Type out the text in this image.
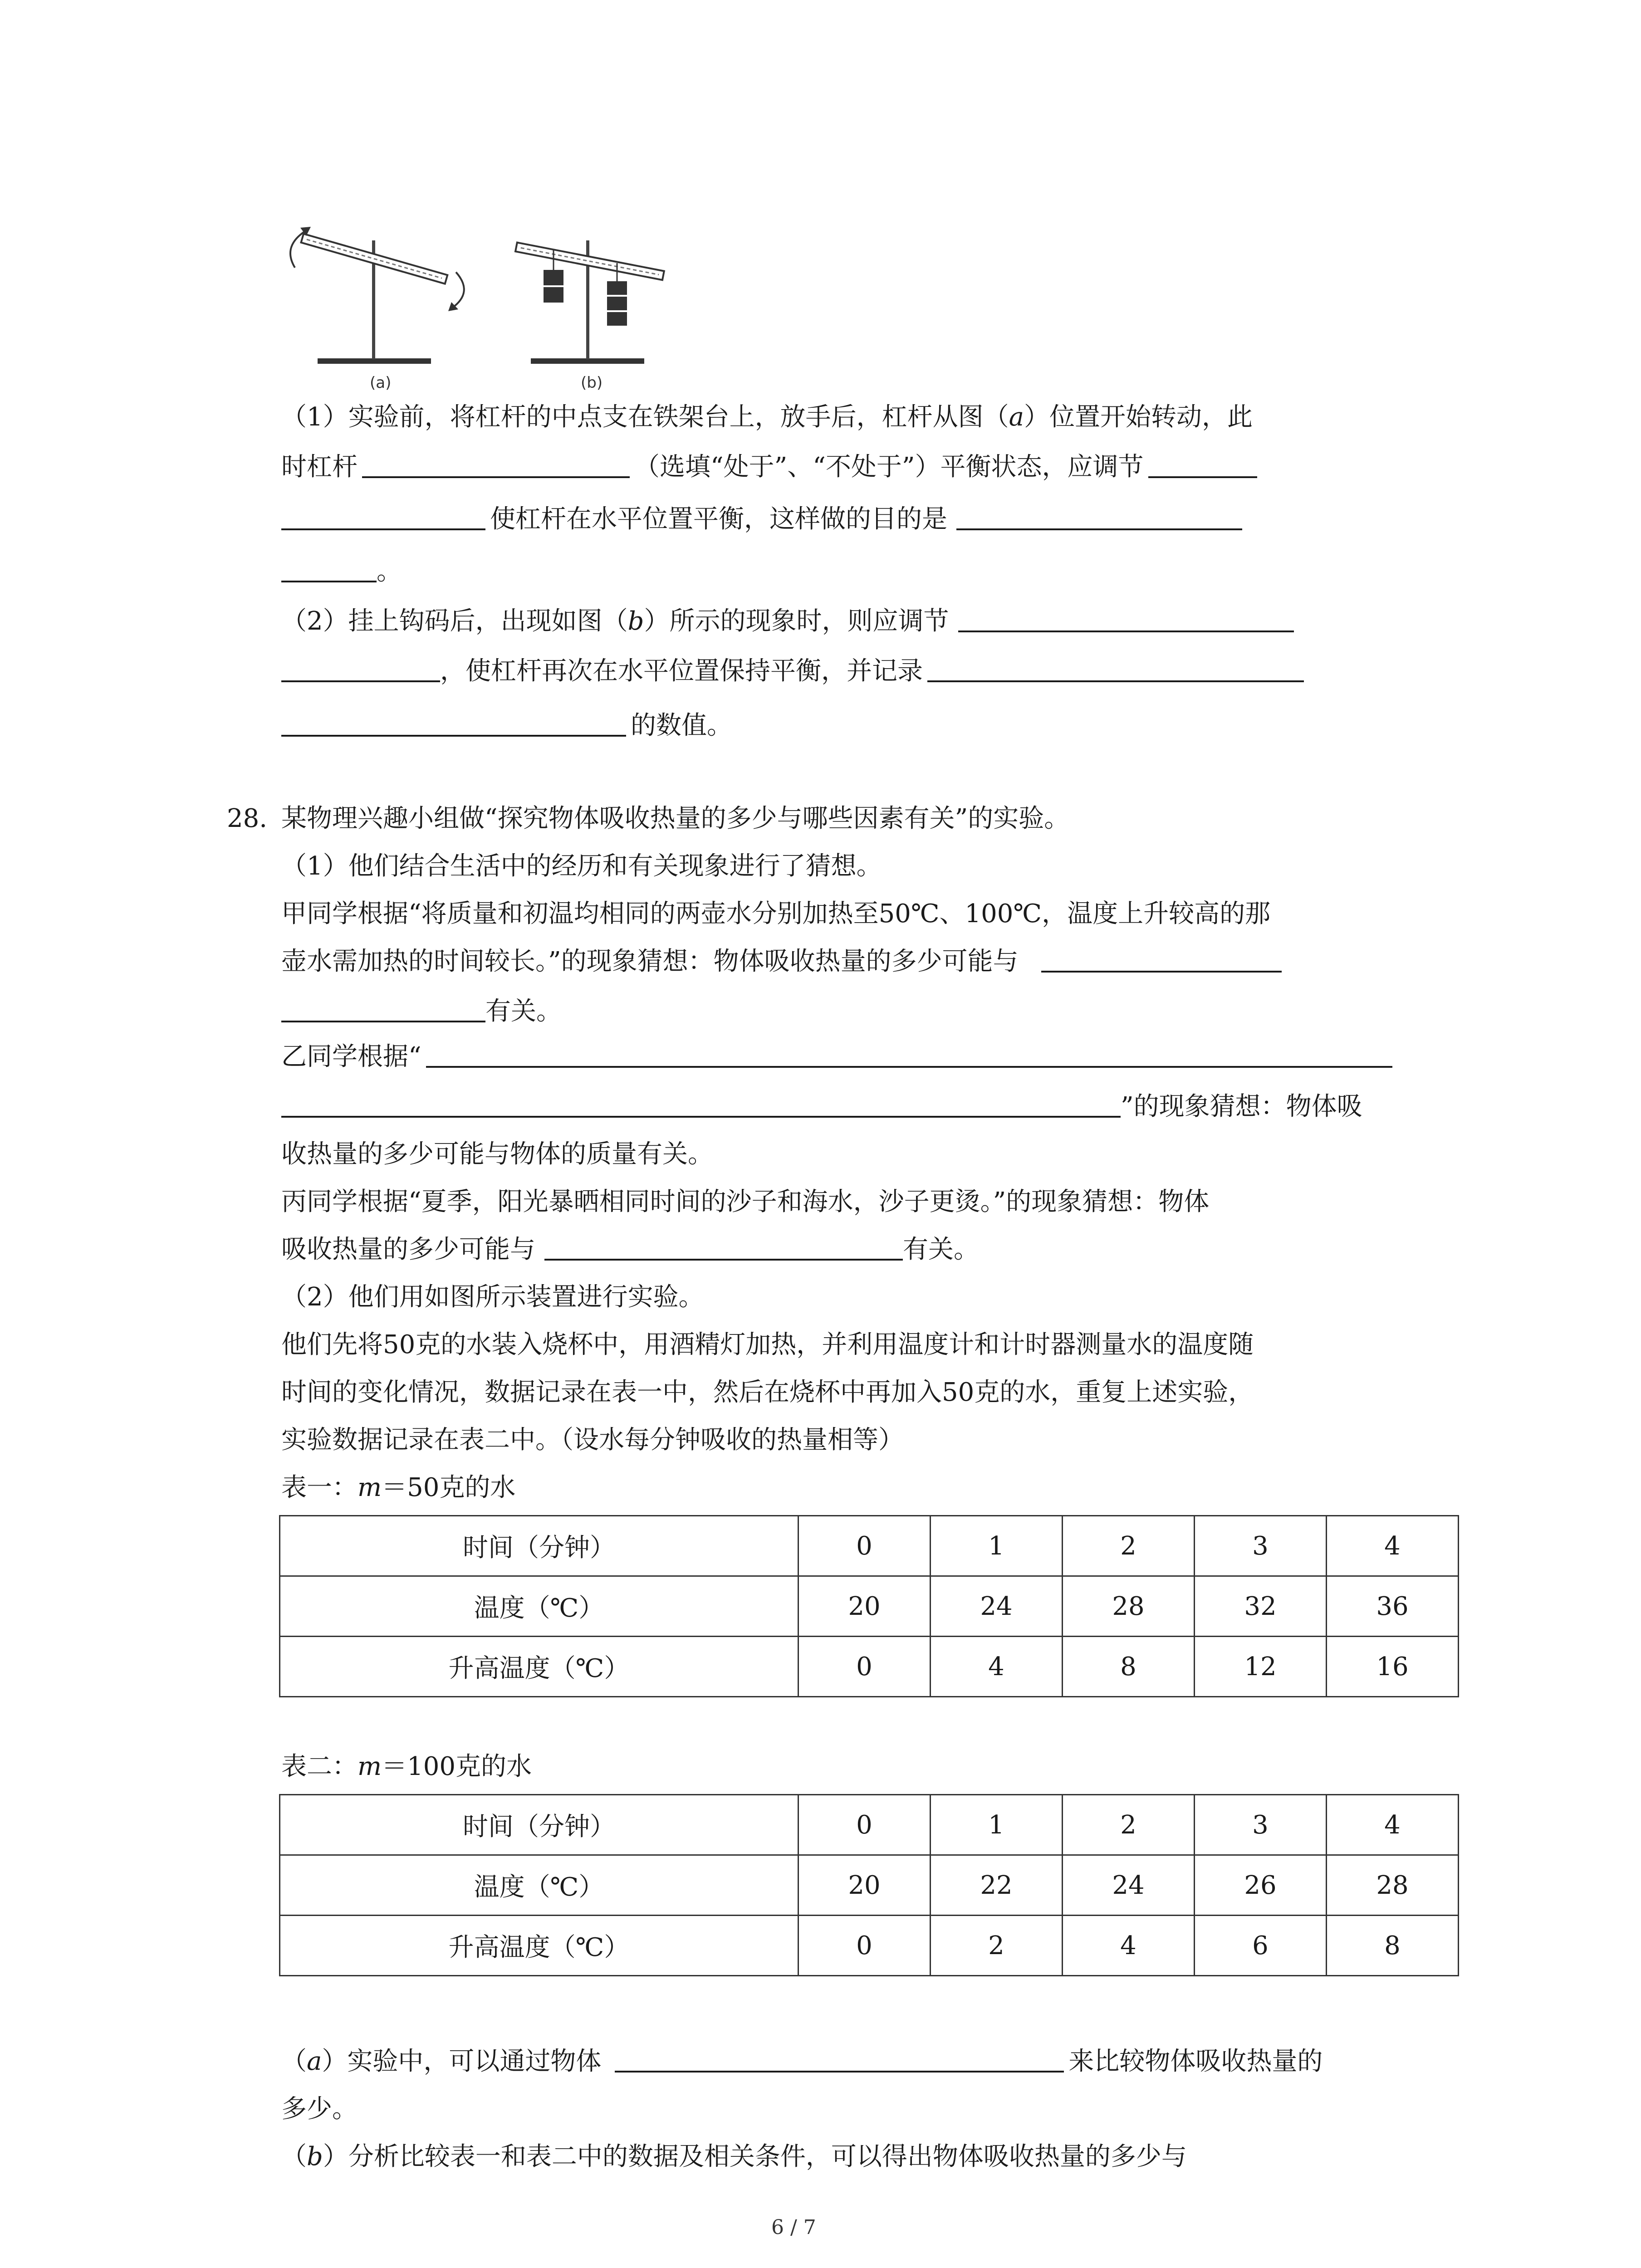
(a)	(b)
（1）实验前，将杠杆的中点支在铁架台上，放手后，杠杆从图（a）位置开始转动，此
时杠杆	（选填“处于”、“不处于”）平衡状态，应调节
使杠杆在水平位置平衡，这样做的目的是
。
（2）挂上钩码后，出现如图（b）所示的现象时，则应调节
，使杠杆再次在水平位置保持平衡，并记录
的数值。
28. 某物理兴趣小组做“探究物体吸收热量的多少与哪些因素有关”的实验。
（1）他们结合生活中的经历和有关现象进行了猜想。
甲同学根据“将质量和初温均相同的两壶水分别加热至50℃、100℃，温度上升较高的那
壶水需加热的时间较长。”的现象猜想：物体吸收热量的多少可能与
有关。
乙同学根据“
”的现象猜想：物体吸
收热量的多少可能与物体的质量有关。
丙同学根据“夏季，阳光暴晒相同时间的沙子和海水，沙子更烫。”的现象猜想：物体
吸收热量的多少可能与	有关。
（2）他们用如图所示装置进行实验。
他们先将50克的水装入烧杯中，用酒精灯加热，并利用温度计和计时器测量水的温度随
时间的变化情况，数据记录在表一中，然后在烧杯中再加入50克的水，重复上述实验，
实验数据记录在表二中。（设水每分钟吸收的热量相等）
表一：m＝50克的水
时间（分钟）	0	1	2	3	4
温度（℃）	20	24	28	32	36
升高温度（℃）	0	4	8	12	16
表二：m＝100克的水
时间（分钟）	0	1	2	3	4
温度（℃）	20	22	24	26	28
升高温度（℃）	0	2	4	6	8
（a）实验中，可以通过物体	来比较物体吸收热量的
多少。
（b）分析比较表一和表二中的数据及相关条件，可以得出物体吸收热量的多少与
6 / 7
